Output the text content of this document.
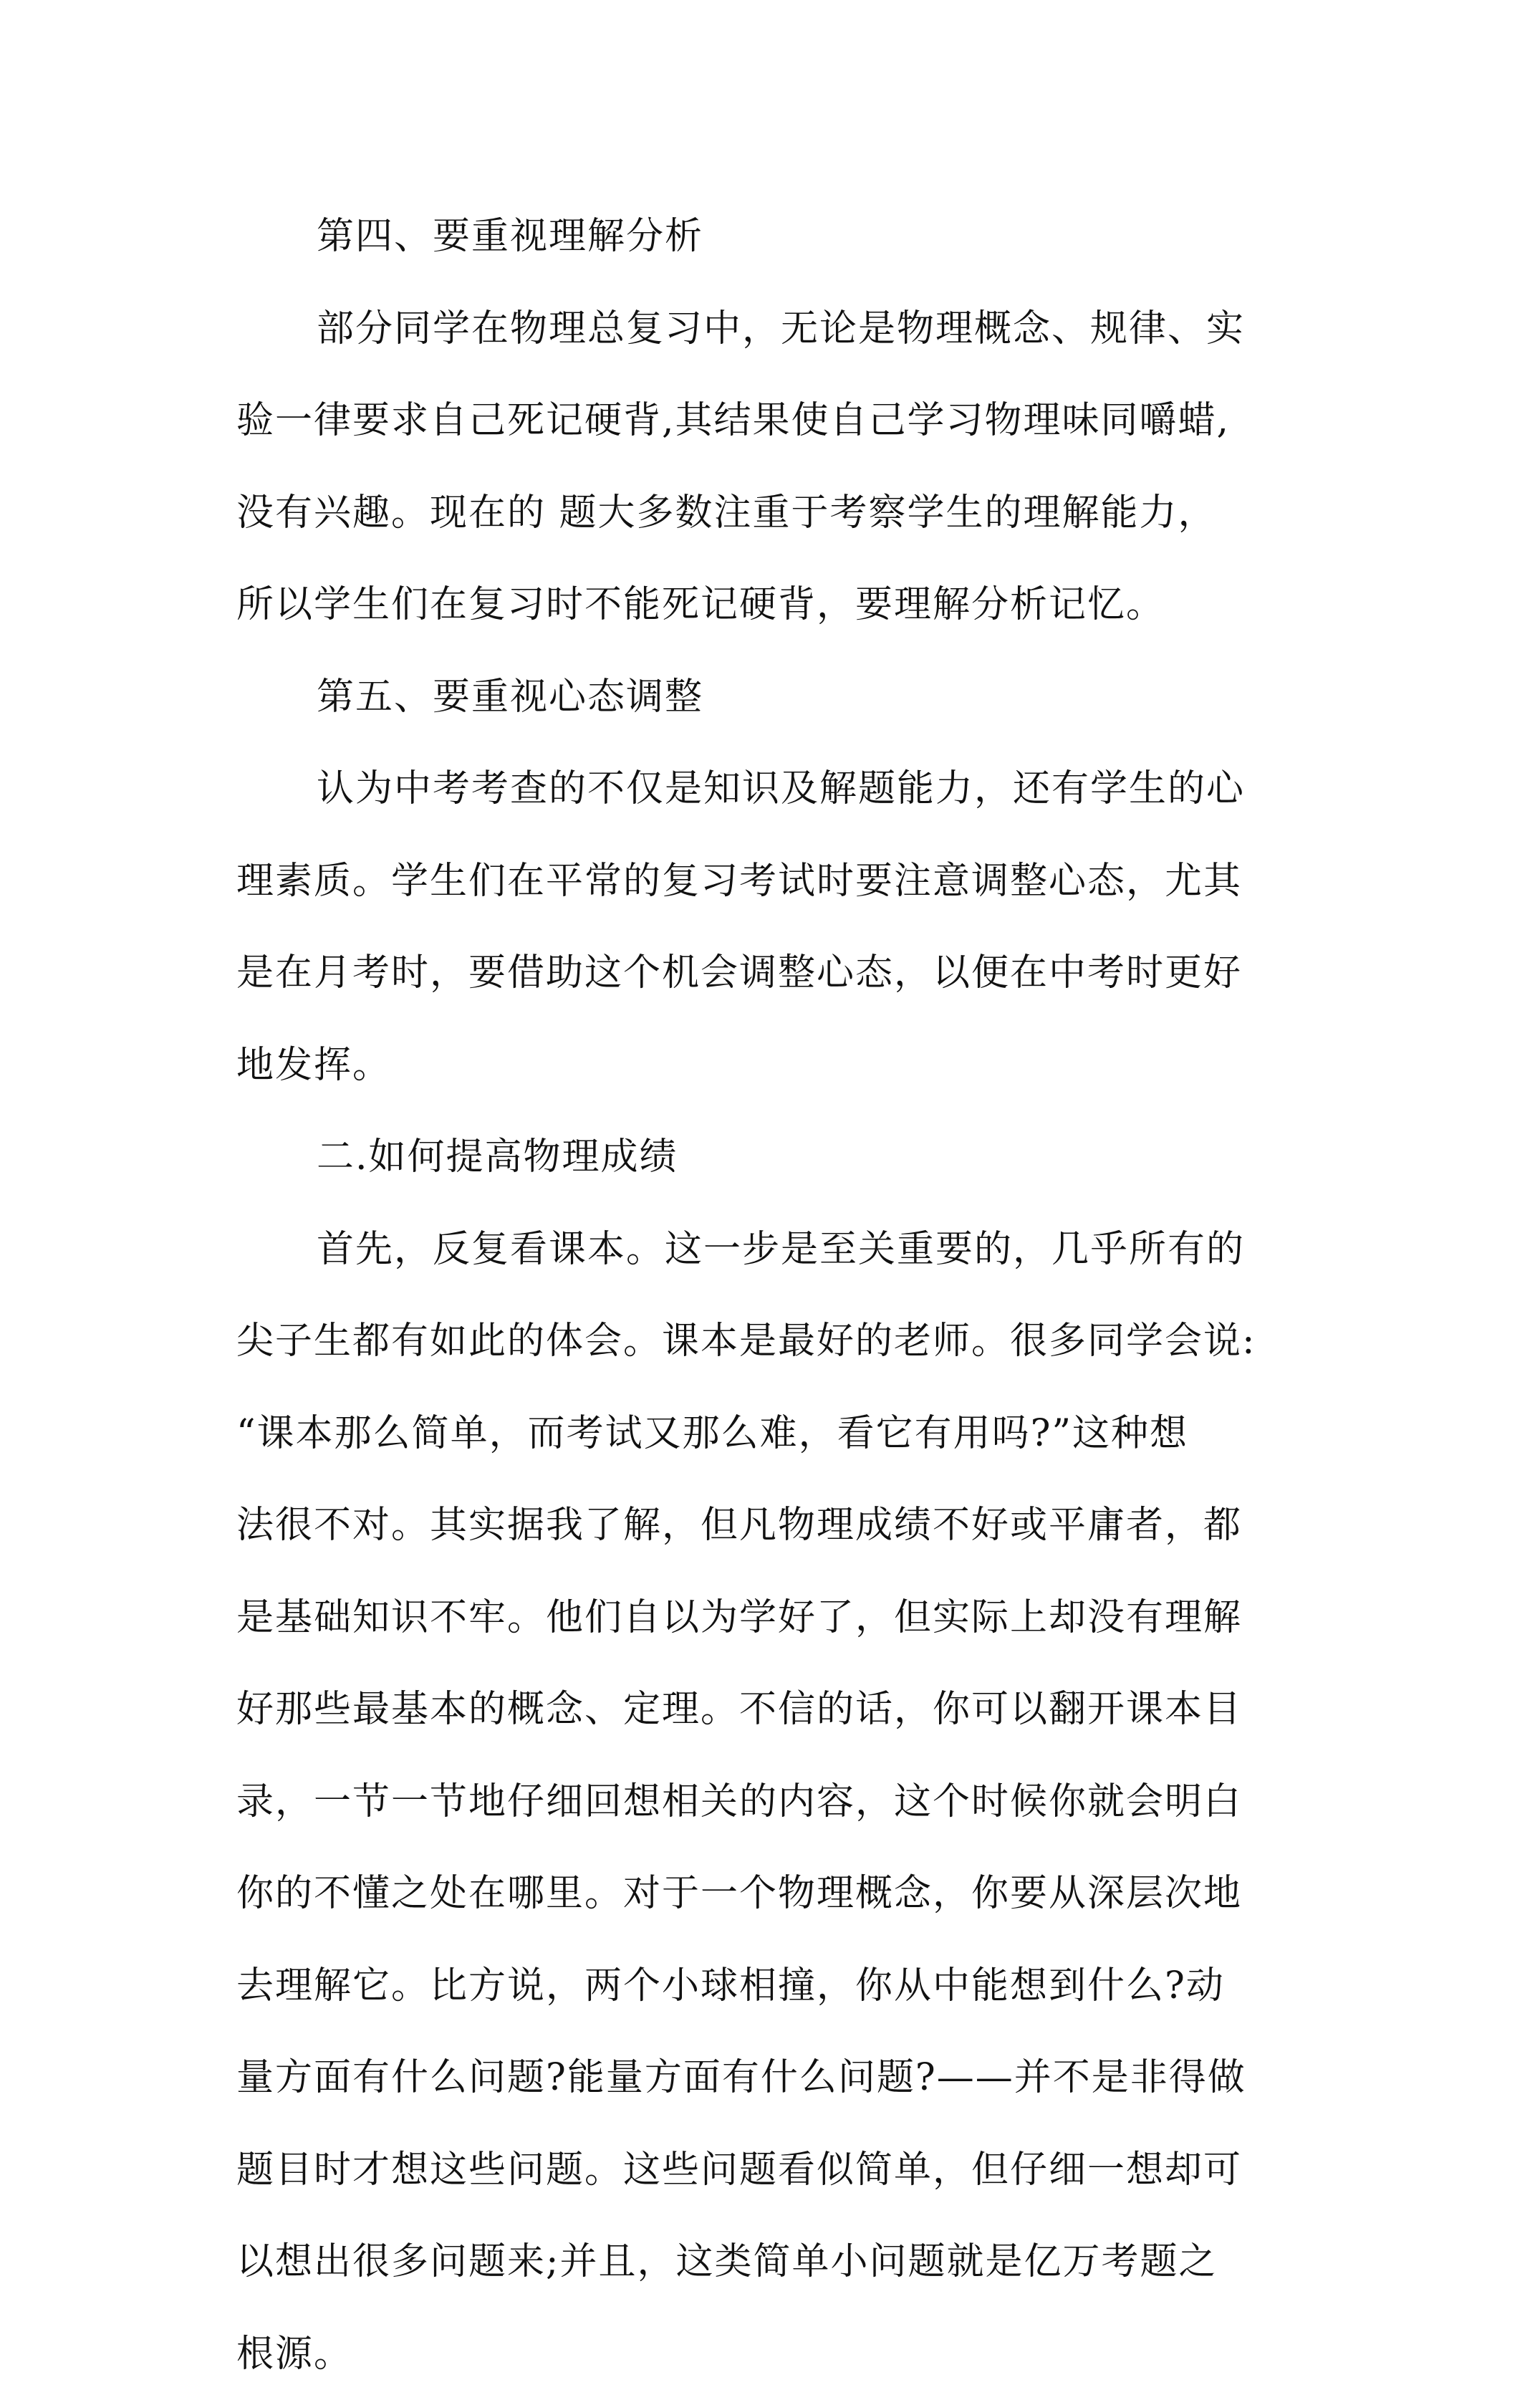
第四、要重视理解分析
部分同学在物理总复习中，无论是物理概念、规律、实
验一律要求自己死记硬背,其结果使自己学习物理味同嚼蜡,
没有兴趣。现在的 题大多数注重于考察学生的理解能力，
所以学生们在复习时不能死记硬背，要理解分析记忆。
第五、要重视心态调整
认为中考考查的不仅是知识及解题能力，还有学生的心
理素质。学生们在平常的复习考试时要注意调整心态，尤其
是在月考时，要借助这个机会调整心态，以便在中考时更好
地发挥。
二.如何提高物理成绩
首先，反复看课本。这一步是至关重要的，几乎所有的
尖子生都有如此的体会。课本是最好的老师。很多同学会说:
“课本那么简单，而考试又那么难，看它有用吗?”这种想
法很不对。其实据我了解，但凡物理成绩不好或平庸者，都
是基础知识不牢。他们自以为学好了，但实际上却没有理解
好那些最基本的概念、定理。不信的话，你可以翻开课本目
录，一节一节地仔细回想相关的内容，这个时候你就会明白
你的不懂之处在哪里。对于一个物理概念，你要从深层次地
去理解它。比方说，两个小球相撞，你从中能想到什么?动
量方面有什么问题?能量方面有什么问题?——并不是非得做
题目时才想这些问题。这些问题看似简单，但仔细一想却可
以想出很多问题来;并且，这类简单小问题就是亿万考题之
根源。
